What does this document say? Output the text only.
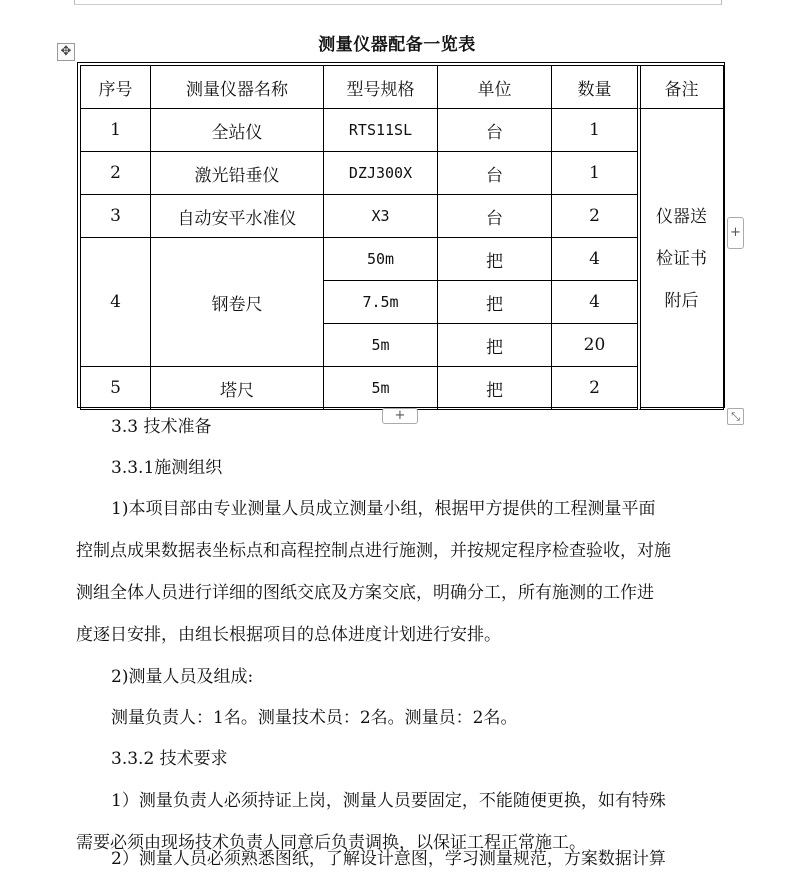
✥	测量仪器配备一览表
序号	测量仪器名称	型号规格	单位	数量	备注
1	全站仪	RTS11SL	台	1	仪器送
检证书
附后
2	激光铅垂仪	DZJ300X	台	1	
3	自动安平水准仪	X3	台	2	
4	钢卷尺	50m	把	4	
		7.5m	把	4	
		5m	把	20	
5	塔尺	5m	把	2	
+
+	⤡

3.3 技术准备

3.3.1施测组织

1)本项目部由专业测量人员成立测量小组，根据甲方提供的工程测量平面

控制点成果数据表坐标点和高程控制点进行施测，并按规定程序检查验收，对施

测组全体人员进行详细的图纸交底及方案交底，明确分工，所有施测的工作进

度逐日安排，由组长根据项目的总体进度计划进行安排。

2)测量人员及组成:

测量负责人：1名。测量技术员：2名。测量员：2名。

3.3.2 技术要求

1）测量负责人必须持证上岗，测量人员要固定，不能随便更换，如有特殊

需要必须由现场技术负责人同意后负责调换，以保证工程正常施工。

2）测量人员必须熟悉图纸，了解设计意图，学习测量规范，方案数据计算
